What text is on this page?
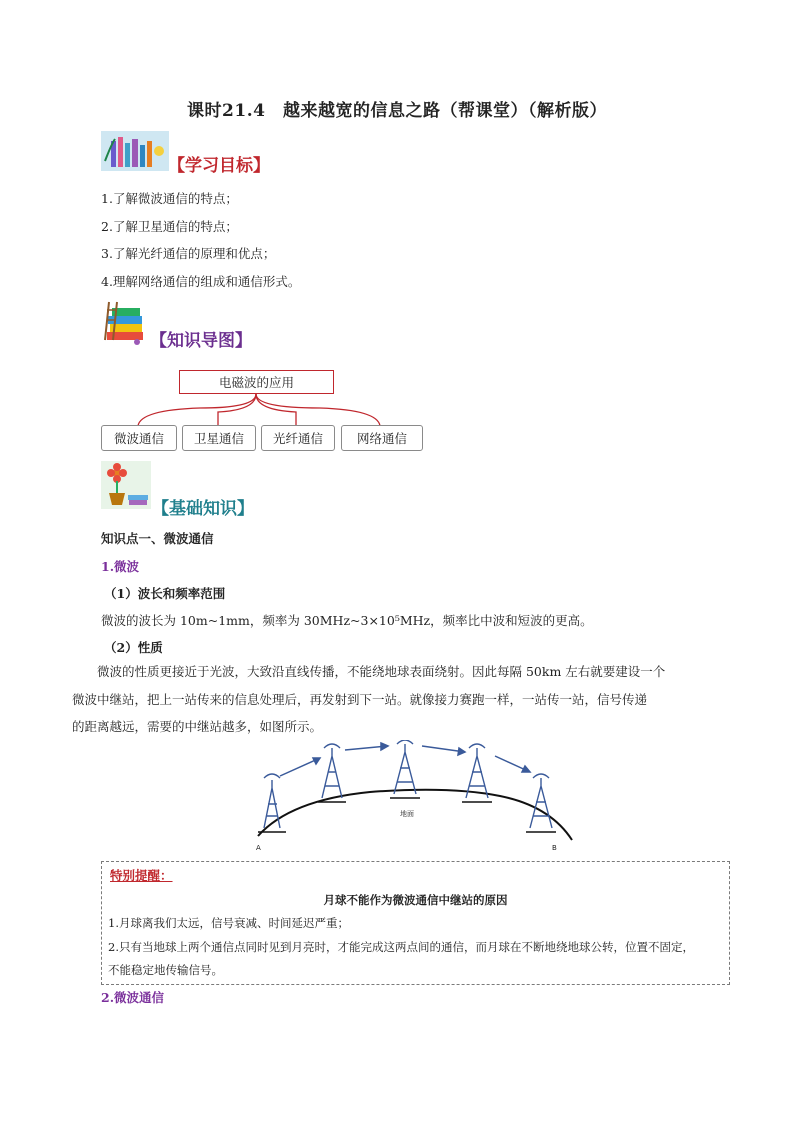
课时21.4　越来越宽的信息之路（帮课堂）（解析版）
【学习目标】
1.了解微波通信的特点；
2.了解卫星通信的特点；
3.了解光纤通信的原理和优点；
4.理解网络通信的组成和通信形式。
【知识导图】
电磁波的应用
微波通信	卫星通信	光纤通信	网络通信
【基础知识】
知识点一、微波通信
1.微波
（1）波长和频率范围
微波的波长为 10m~1mm，频率为 30MHz~3×10⁵MHz，频率比中波和短波的更高。
（2）性质
　　微波的性质更接近于光波，大致沿直线传播，不能绕地球表面绕射。因此每隔 50km 左右就要建设一个
微波中继站，把上一站传来的信息处理后，再发射到下一站。就像接力赛跑一样，一站传一站，信号传递
的距离越远，需要的中继站越多，如图所示。
地面
A	B
特别提醒：
月球不能作为微波通信中继站的原因
1.月球离我们太远，信号衰减、时间延迟严重；
2.只有当地球上两个通信点同时见到月亮时，才能完成这两点间的通信，而月球在不断地绕地球公转，位置不固定，
不能稳定地传输信号。
2.微波通信
